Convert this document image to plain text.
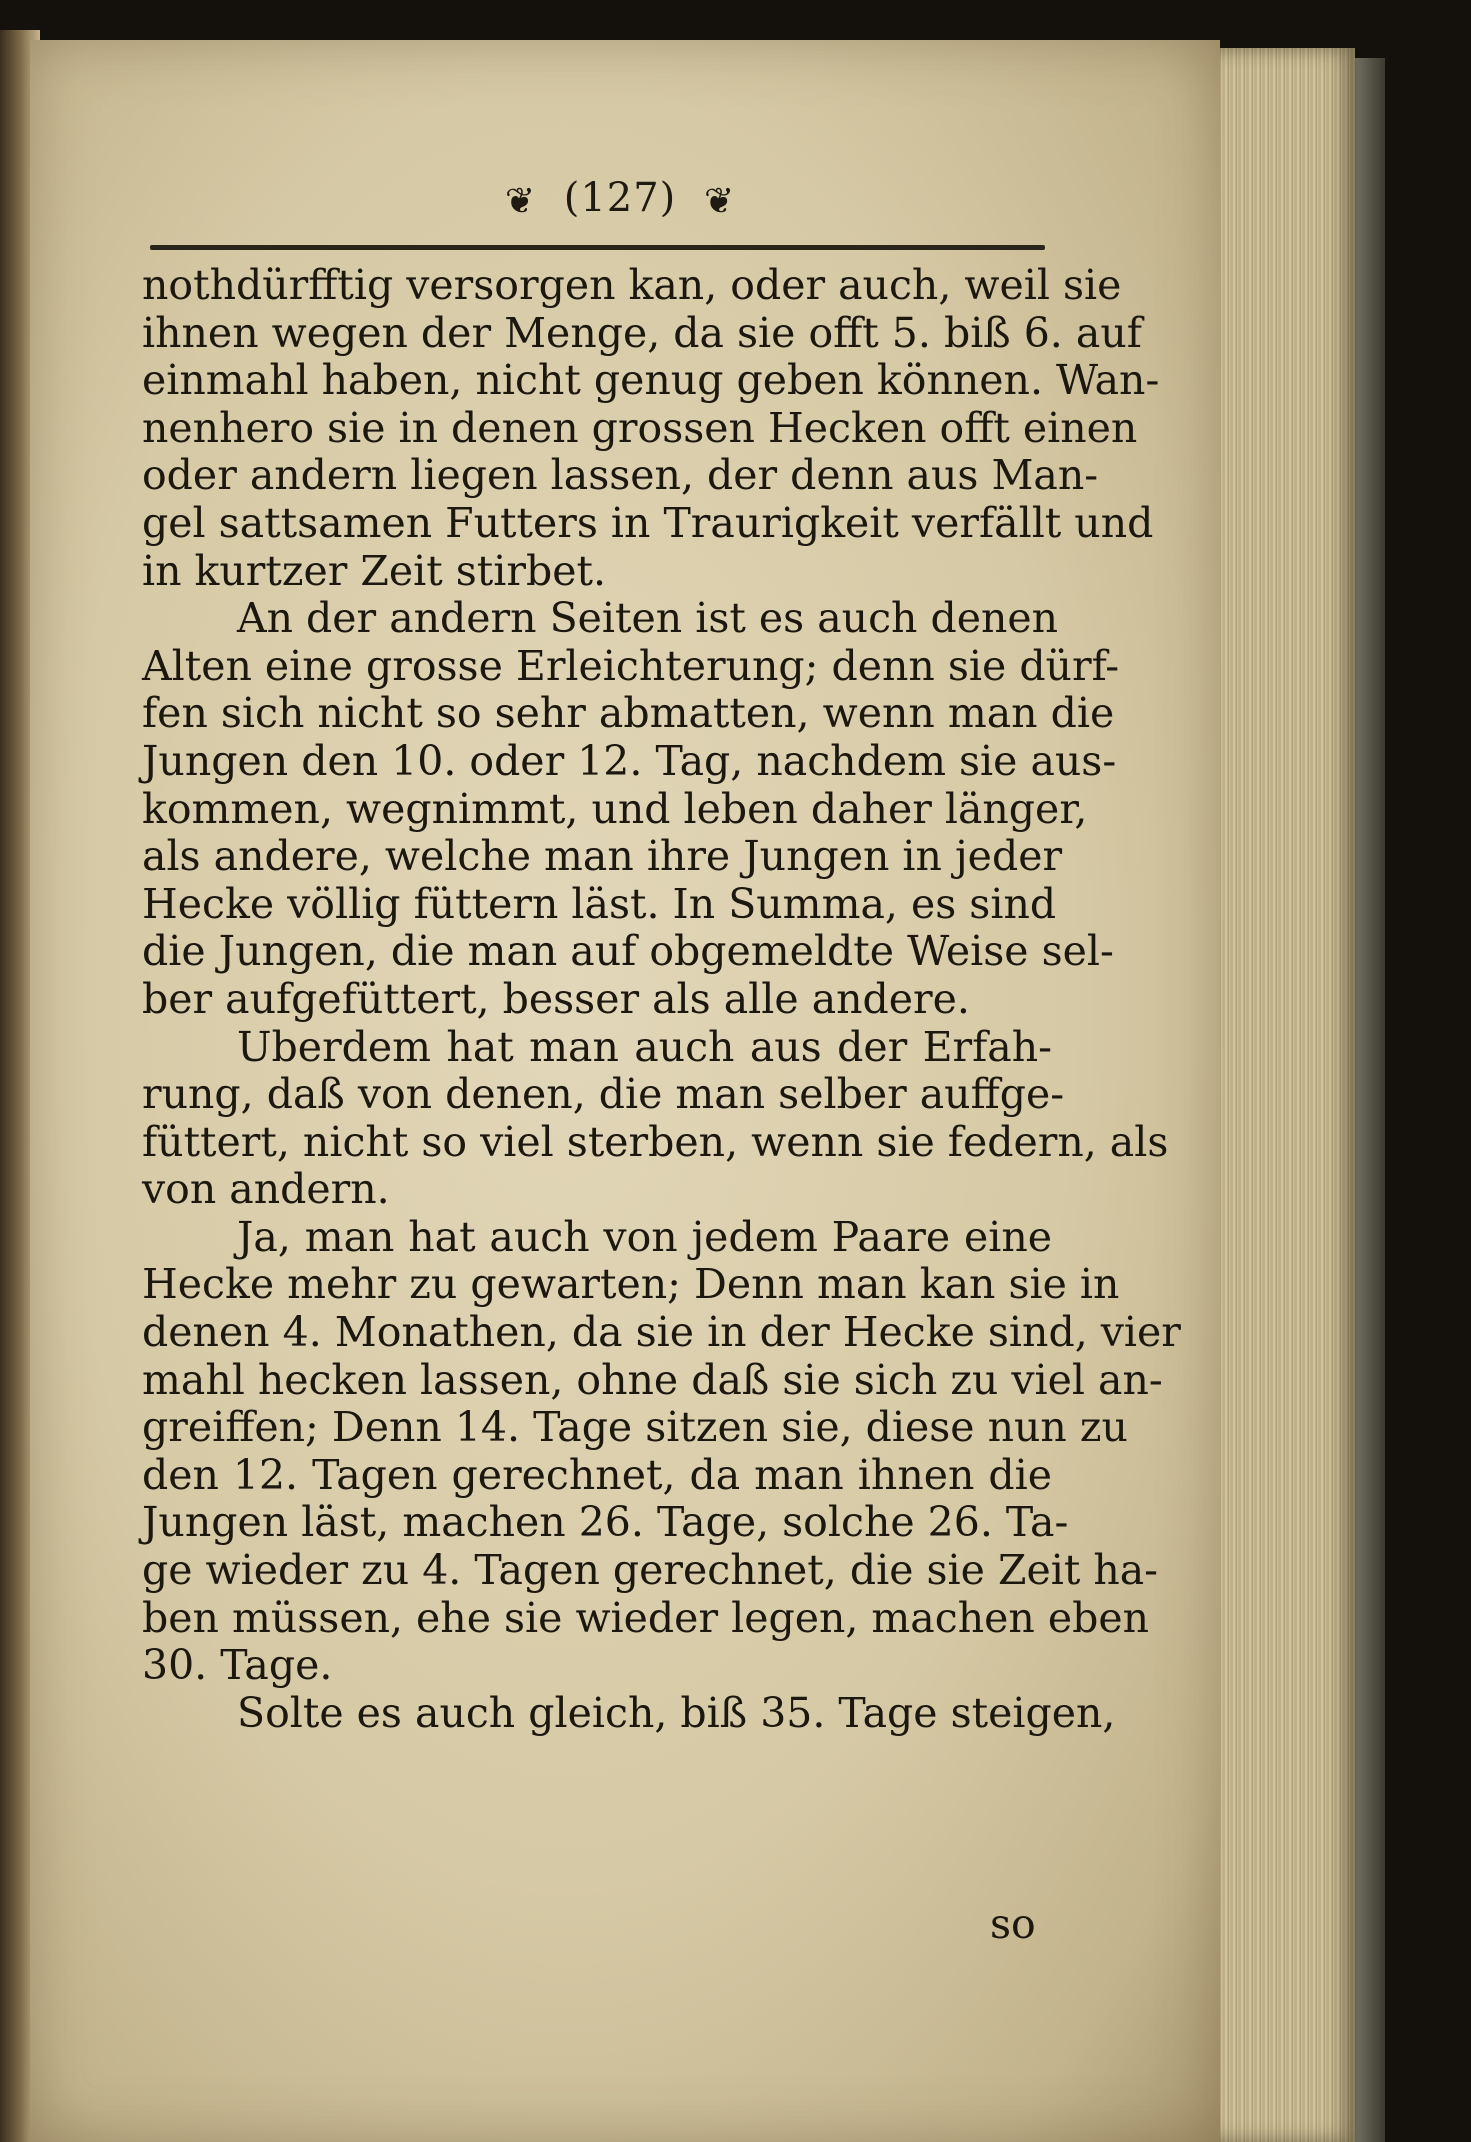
❦ (127) ❦
nothdürfftig versorgen kan, oder auch, weil sie
ihnen wegen der Menge, da sie offt 5. biß 6. auf
einmahl haben, nicht genug geben können. Wan-
nenhero sie in denen grossen Hecken offt einen
oder andern liegen lassen, der denn aus Man-
gel sattsamen Futters in Traurigkeit verfällt und
in kurtzer Zeit stirbet.
An der andern Seiten ist es auch denen
Alten eine grosse Erleichterung; denn sie dürf-
fen sich nicht so sehr abmatten, wenn man die
Jungen den 10. oder 12. Tag, nachdem sie aus-
kommen, wegnimmt, und leben daher länger,
als andere, welche man ihre Jungen in jeder
Hecke völlig füttern läst. In Summa, es sind
die Jungen, die man auf obgemeldte Weise sel-
ber aufgefüttert, besser als alle andere.
Uberdem hat man auch aus der Erfah-
rung, daß von denen, die man selber auffge-
füttert, nicht so viel sterben, wenn sie federn, als
von andern.
Ja, man hat auch von jedem Paare eine
Hecke mehr zu gewarten; Denn man kan sie in
denen 4. Monathen, da sie in der Hecke sind, vier
mahl hecken lassen, ohne daß sie sich zu viel an-
greiffen; Denn 14. Tage sitzen sie, diese nun zu
den 12. Tagen gerechnet, da man ihnen die
Jungen läst, machen 26. Tage, solche 26. Ta-
ge wieder zu 4. Tagen gerechnet, die sie Zeit ha-
ben müssen, ehe sie wieder legen, machen eben
30. Tage.
Solte es auch gleich, biß 35. Tage steigen,
so
